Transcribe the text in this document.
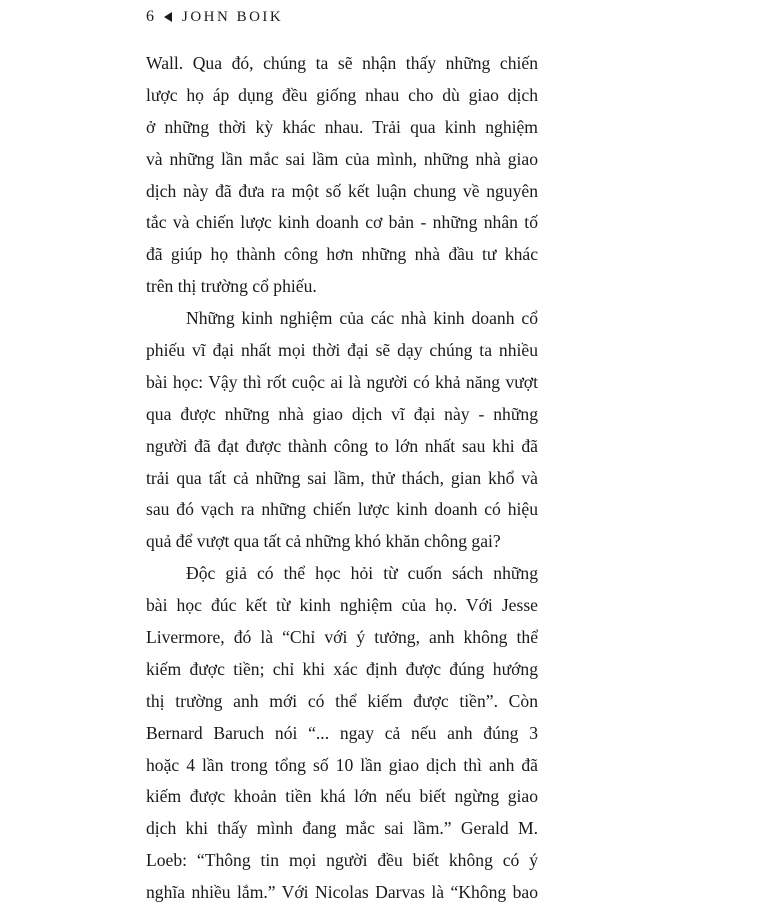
6 JOHN BOIK
Wall. Qua đó, chúng ta sẽ nhận thấy những chiến
lược họ áp dụng đều giống nhau cho dù giao dịch
ở những thời kỳ khác nhau. Trải qua kinh nghiệm
và những lần mắc sai lầm của mình, những nhà giao
dịch này đã đưa ra một số kết luận chung về nguyên
tắc và chiến lược kinh doanh cơ bản - những nhân tố
đã giúp họ thành công hơn những nhà đầu tư khác
trên thị trường cổ phiếu.
Những kinh nghiệm của các nhà kinh doanh cổ
phiếu vĩ đại nhất mọi thời đại sẽ dạy chúng ta nhiều
bài học: Vậy thì rốt cuộc ai là người có khả năng vượt
qua được những nhà giao dịch vĩ đại này - những
người đã đạt được thành công to lớn nhất sau khi đã
trải qua tất cả những sai lầm, thử thách, gian khổ và
sau đó vạch ra những chiến lược kinh doanh có hiệu
quả để vượt qua tất cả những khó khăn chông gai?
Độc giả có thể học hỏi từ cuốn sách những
bài học đúc kết từ kinh nghiệm của họ. Với Jesse
Livermore, đó là “Chỉ với ý tưởng, anh không thể
kiếm được tiền; chỉ khi xác định được đúng hướng
thị trường anh mới có thể kiếm được tiền”. Còn
Bernard Baruch nói “... ngay cả nếu anh đúng 3
hoặc 4 lần trong tổng số 10 lần giao dịch thì anh đã
kiếm được khoản tiền khá lớn nếu biết ngừng giao
dịch khi thấy mình đang mắc sai lầm.” Gerald M.
Loeb: “Thông tin mọi người đều biết không có ý
nghĩa nhiều lắm.” Với Nicolas Darvas là “Không bao
